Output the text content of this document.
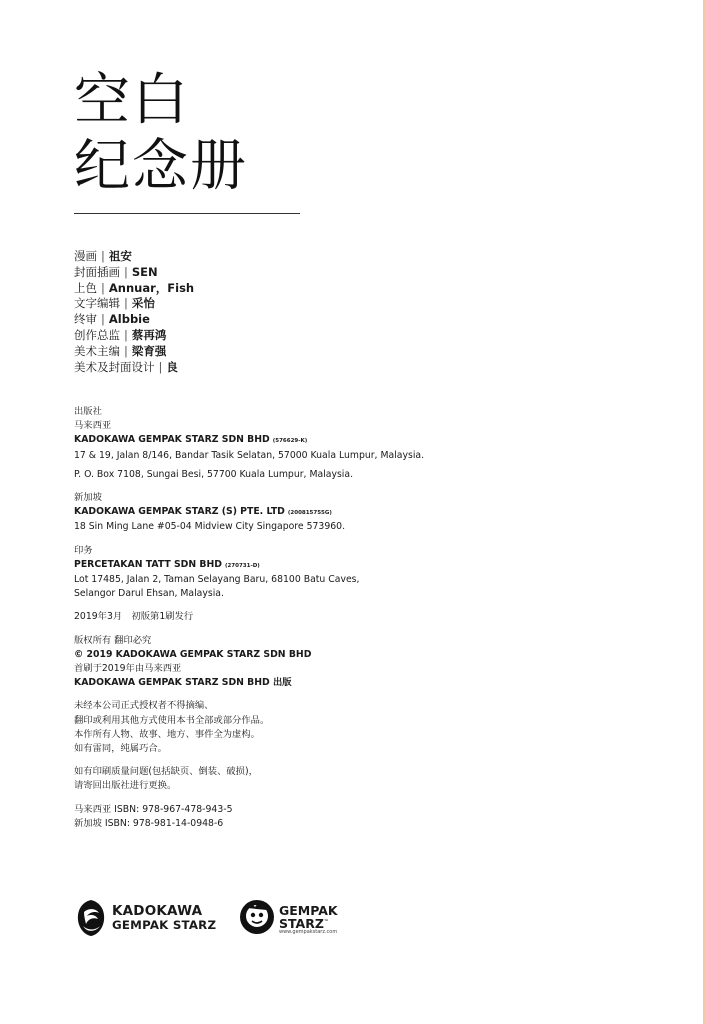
空白
纪念册
漫画 | 祖安
封面插画 | SEN
上色 | Annuar，Fish
文字编辑 | 采怡
终审 | Albbie
创作总监 | 蔡再鸿
美术主编 | 梁育强
美术及封面设计 | 良
出版社
马来西亚
KADOKAWA GEMPAK STARZ SDN BHD (576629-K)
17 & 19, Jalan 8/146, Bandar Tasik Selatan, 57000 Kuala Lumpur, Malaysia.
P. O. Box 7108, Sungai Besi, 57700 Kuala Lumpur, Malaysia.
新加坡
KADOKAWA GEMPAK STARZ (S) PTE. LTD (200815755G)
18 Sin Ming Lane #05-04 Midview City Singapore 573960.
印务
PERCETAKAN TATT SDN BHD (270731-D)
Lot 17485, Jalan 2, Taman Selayang Baru, 68100 Batu Caves,
Selangor Darul Ehsan, Malaysia.
2019年3月　初版第1刷发行
版权所有 翻印必究
© 2019 KADOKAWA GEMPAK STARZ SDN BHD
首刷于2019年由马来西亚
KADOKAWA GEMPAK STARZ SDN BHD 出版
未经本公司正式授权者不得摘编、
翻印或利用其他方式使用本书全部或部分作品。
本作所有人物、故事、地方、事件全为虚构。
如有雷同，纯属巧合。
如有印刷质量问题(包括缺页、倒装、破损)，
请寄回出版社进行更换。
马来西亚 ISBN: 978-967-478-943-5
新加坡 ISBN: 978-981-14-0948-6
KADOKAWA
GEMPAK STARZ
GEMPAK
STARZ™
www.gempakstarz.com
